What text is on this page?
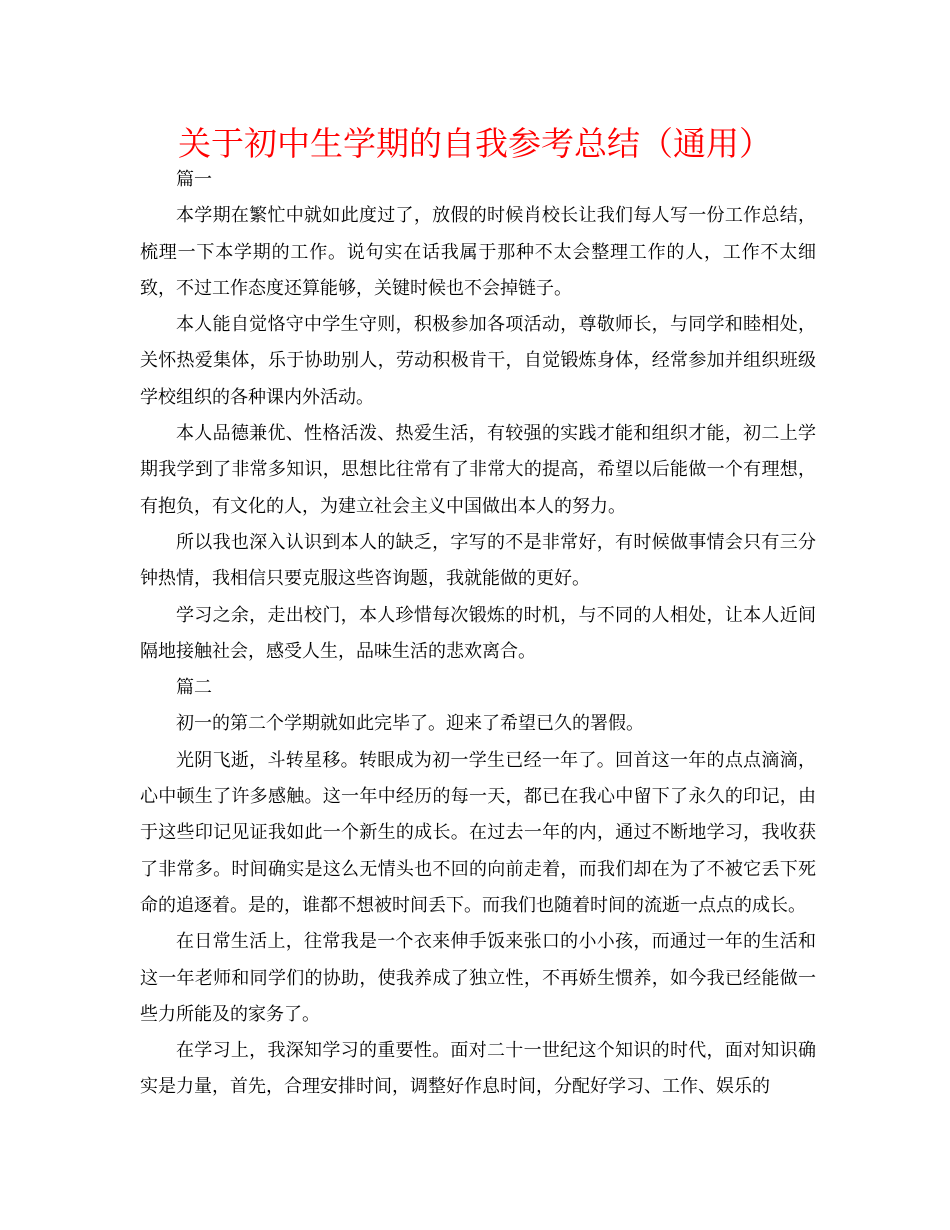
关于初中生学期的自我参考总结（通用）

篇一

本学期在繁忙中就如此度过了，放假的时候肖校长让我们每人写一份工作总结，梳理一下本学期的工作。说句实在话我属于那种不太会整理工作的人，工作不太细致，不过工作态度还算能够，关键时候也不会掉链子。

本人能自觉恪守中学生守则，积极参加各项活动，尊敬师长，与同学和睦相处，关怀热爱集体，乐于协助别人，劳动积极肯干，自觉锻炼身体，经常参加并组织班级学校组织的各种课内外活动。

本人品德兼优、性格活泼、热爱生活，有较强的实践才能和组织才能，初二上学期我学到了非常多知识，思想比往常有了非常大的提高，希望以后能做一个有理想，有抱负，有文化的人，为建立社会主义中国做出本人的努力。

所以我也深入认识到本人的缺乏，字写的不是非常好，有时候做事情会只有三分钟热情，我相信只要克服这些咨询题，我就能做的更好。

学习之余，走出校门，本人珍惜每次锻炼的时机，与不同的人相处，让本人近间隔地接触社会，感受人生，品味生活的悲欢离合。

篇二

初一的第二个学期就如此完毕了。迎来了希望已久的署假。

光阴飞逝，斗转星移。转眼成为初一学生已经一年了。回首这一年的点点滴滴，心中顿生了许多感触。这一年中经历的每一天，都已在我心中留下了永久的印记，由于这些印记见证我如此一个新生的成长。在过去一年的内，通过不断地学习，我收获了非常多。时间确实是这么无情头也不回的向前走着，而我们却在为了不被它丢下死命的追逐着。是的，谁都不想被时间丢下。而我们也随着时间的流逝一点点的成长。

在日常生活上，往常我是一个衣来伸手饭来张口的小小孩，而通过一年的生活和这一年老师和同学们的协助，使我养成了独立性，不再娇生惯养，如今我已经能做一些力所能及的家务了。

在学习上，我深知学习的重要性。面对二十一世纪这个知识的时代，面对知识确实是力量，首先，合理安排时间，调整好作息时间，分配好学习、工作、娱乐的
